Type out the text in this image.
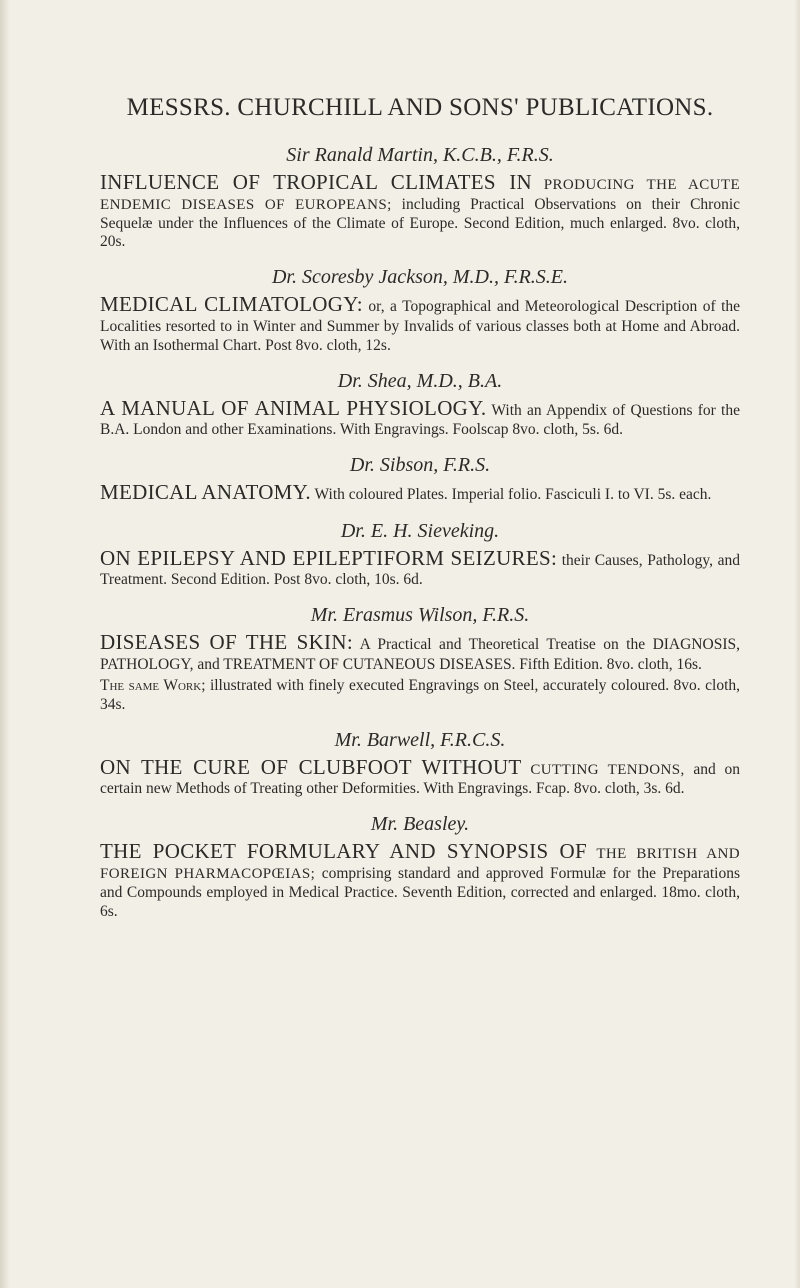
MESSRS. CHURCHILL AND SONS' PUBLICATIONS.
Sir Ranald Martin, K.C.B., F.R.S.
INFLUENCE OF TROPICAL CLIMATES IN PRODUCING THE ACUTE ENDEMIC DISEASES OF EUROPEANS; including Practical Observations on their Chronic Sequelæ under the Influences of the Climate of Europe. Second Edition, much enlarged. 8vo. cloth, 20s.
Dr. Scoresby Jackson, M.D., F.R.S.E.
MEDICAL CLIMATOLOGY: or, a Topographical and Meteorological Description of the Localities resorted to in Winter and Summer by Invalids of various classes both at Home and Abroad. With an Isothermal Chart. Post 8vo. cloth, 12s.
Dr. Shea, M.D., B.A.
A MANUAL OF ANIMAL PHYSIOLOGY. With an Appendix of Questions for the B.A. London and other Examinations. With Engravings. Foolscap 8vo. cloth, 5s. 6d.
Dr. Sibson, F.R.S.
MEDICAL ANATOMY. With coloured Plates. Imperial folio. Fasciculi I. to VI. 5s. each.
Dr. E. H. Sieveking.
ON EPILEPSY AND EPILEPTIFORM SEIZURES: their Causes, Pathology, and Treatment. Second Edition. Post 8vo. cloth, 10s. 6d.
Mr. Erasmus Wilson, F.R.S.
DISEASES OF THE SKIN: A Practical and Theoretical Treatise on the DIAGNOSIS, PATHOLOGY, and TREATMENT OF CUTANEOUS DISEASES. Fifth Edition. 8vo. cloth, 16s.
The same Work; illustrated with finely executed Engravings on Steel, accurately coloured. 8vo. cloth, 34s.
Mr. Barwell, F.R.C.S.
ON THE CURE OF CLUBFOOT WITHOUT CUTTING TENDONS, and on certain new Methods of Treating other Deformities. With Engravings. Fcap. 8vo. cloth, 3s. 6d.
Mr. Beasley.
THE POCKET FORMULARY AND SYNOPSIS OF THE BRITISH AND FOREIGN PHARMACOPŒIAS; comprising standard and approved Formulæ for the Preparations and Compounds employed in Medical Practice. Seventh Edition, corrected and enlarged. 18mo. cloth, 6s.
